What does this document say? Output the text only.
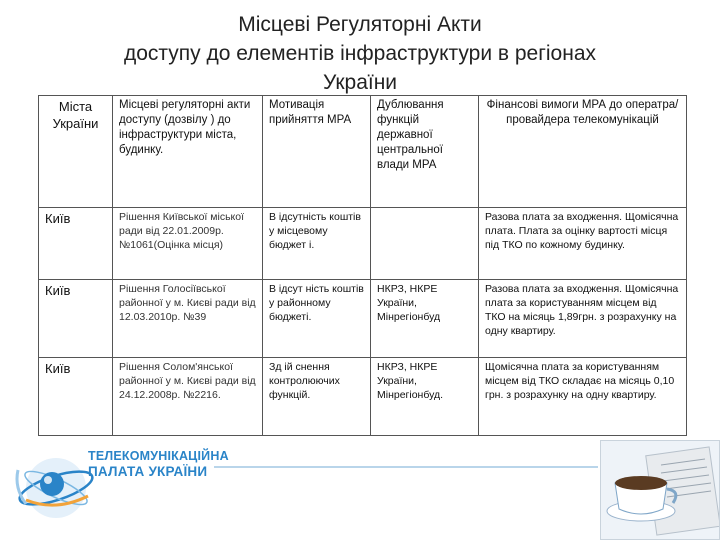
Місцеві Регуляторні Акти
доступу до елементів інфраструктури в регіонах
України
Міста України	Місцеві регуляторні акти доступу (дозвілу ) до інфраструктури міста, будинку.	Мотивація прийняття МРА	Дублювання функцій державної центральної влади МРА	Фінансові вимоги МРА до оператра/провайдера телекомунікацій
Київ	Рішення Київської міської ради від 22.01.2009р. №1061(Оцінка місця)	В ідсутність коштів у місцевому бюджет і.		Разова плата за входження. Щомісячна плата. Плата за оцінку вартості місця під ТКО по кожному будинку.
Київ	Рішення Голосіївської районної у м. Києві ради від 12.03.2010р. №39	В ідсут ність коштів у районному бюджеті.	НКРЗ, НКРЕ України, Мінрегіонбуд	Разова плата за входження. Щомісячна плата за користуванням місцем від ТКО на місяць 1,89грн. з розрахунку на одну квартиру.
Київ	Рішення Солом'янської районної у м. Києві ради від 24.12.2008р. №2216.	Зд ій снення контролюючих функцій.	НКРЗ, НКРЕ України, Мінрегіонбуд.	Щомісячна плата за користуванням місцем від ТКО складає на місяць 0,10 грн. з розрахунку на одну квартиру.
ТЕЛЕКОМУНІКАЦІЙНА
ПАЛАТА УКРАЇНИ
